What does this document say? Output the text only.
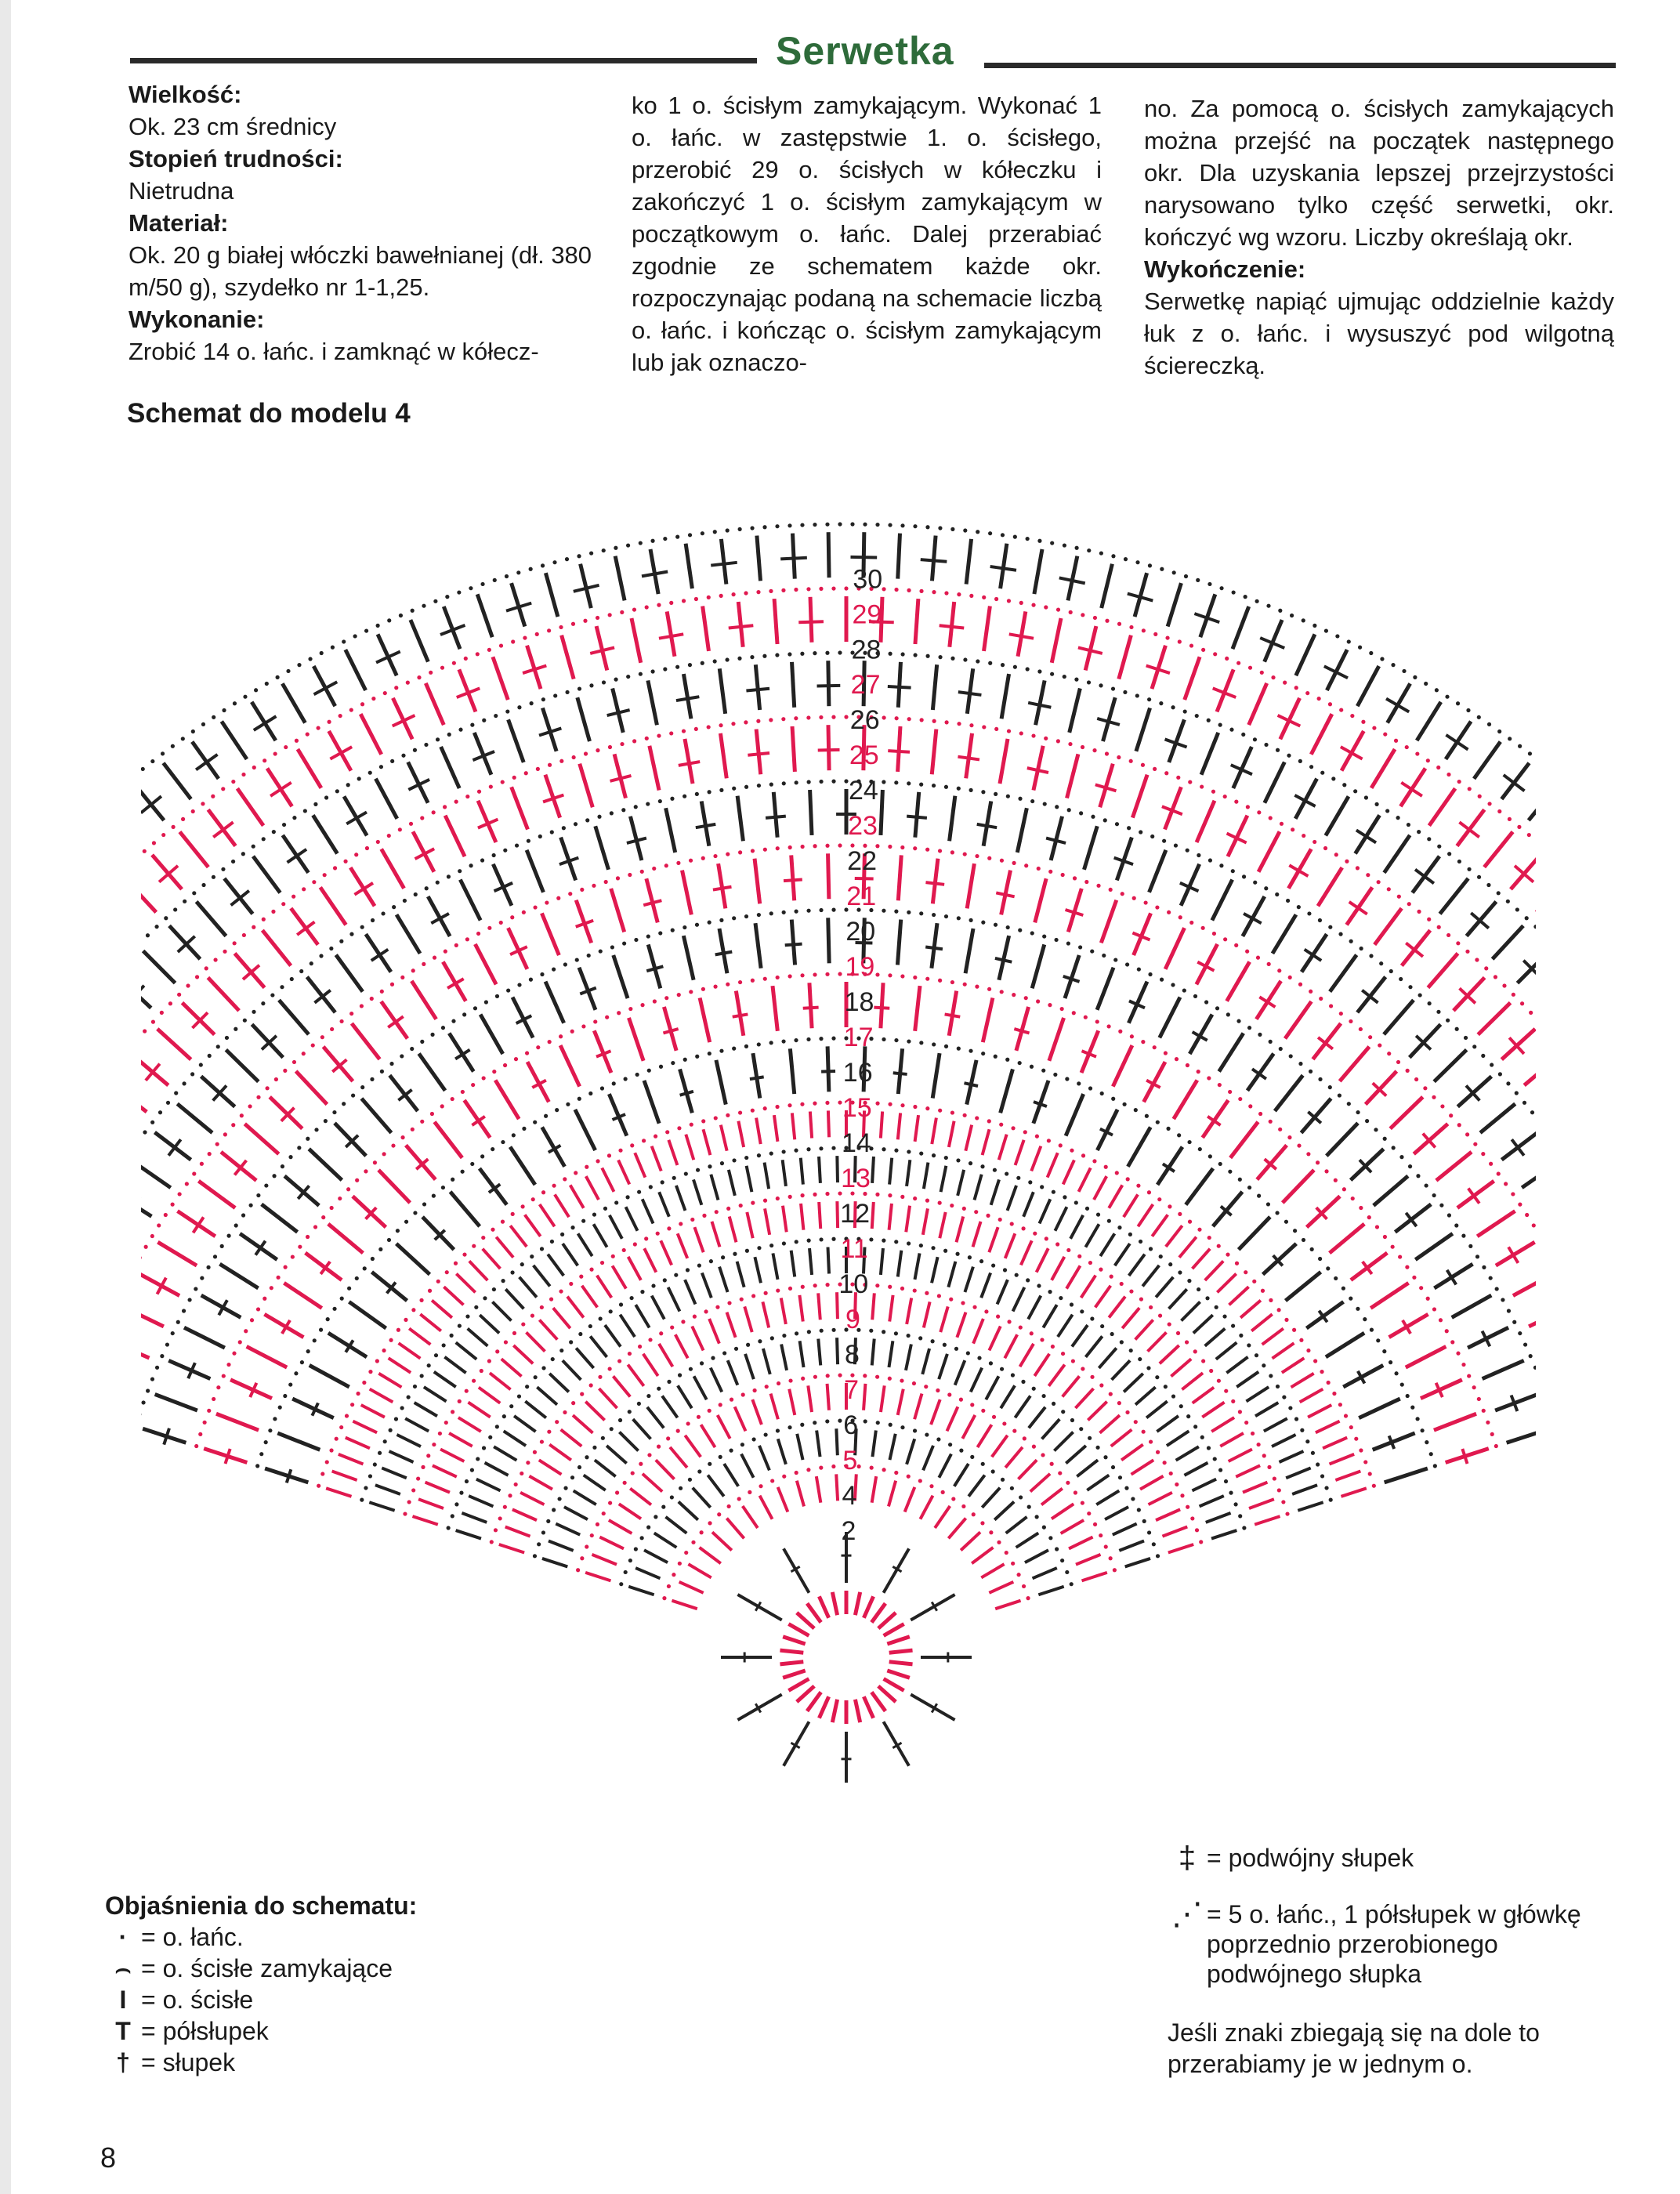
Serwetka

Wielkość:

Ok. 23 cm średnicy

Stopień trudności:

Nietrudna

Materiał:

Ok. 20 g białej włóczki bawełnianej (dł. 380 m/50 g), szydełko nr 1-1,25.

Wykonanie:

Zrobić 14 o. łańc. i zamknąć w kółecz-

ko 1 o. ścisłym zamykającym. Wykonać 1 o. łańc. w zastępstwie 1. o. ścisłego, przerobić 29 o. ścisłych w kółeczku i zakończyć 1 o. ścisłym zamykającym w początkowym o. łańc. Dalej przerabiać zgodnie ze schematem każde okr. rozpoczynając podaną na schemacie liczbą o. łańc. i kończąc o. ścisłym zamykającym lub jak oznaczo-

no. Za pomocą o. ścisłych zamykających można przejść na początek następnego okr. Dla uzyskania lepszej przejrzystości narysowano tylko część serwetki, okr. kończyć wg wzoru. Liczby określają okr.

Wykończenie:

Serwetkę napiąć ujmując oddzielnie każdy łuk z o. łańc. i wysuszyć pod wilgotną ściereczką.

Schemat do modelu 4
2
4
5
6
7
8
9
10
11
12
13
14
15
16
17
18
19
20
21
22
23
24
25
26
27
28
29
30
Objaśnienia do schematu:
· = o. łańc.
⌢ = o. ścisłe zamykające
I = o. ścisłe
T = półsłupek
† = słupek
‡ = podwójny słupek
⋰ = 5 o. łańc., 1 półsłupek w główkę poprzednio przerobionego podwójnego słupka
Jeśli znaki zbiegają się na dole to przerabiamy je w jednym o.
8
